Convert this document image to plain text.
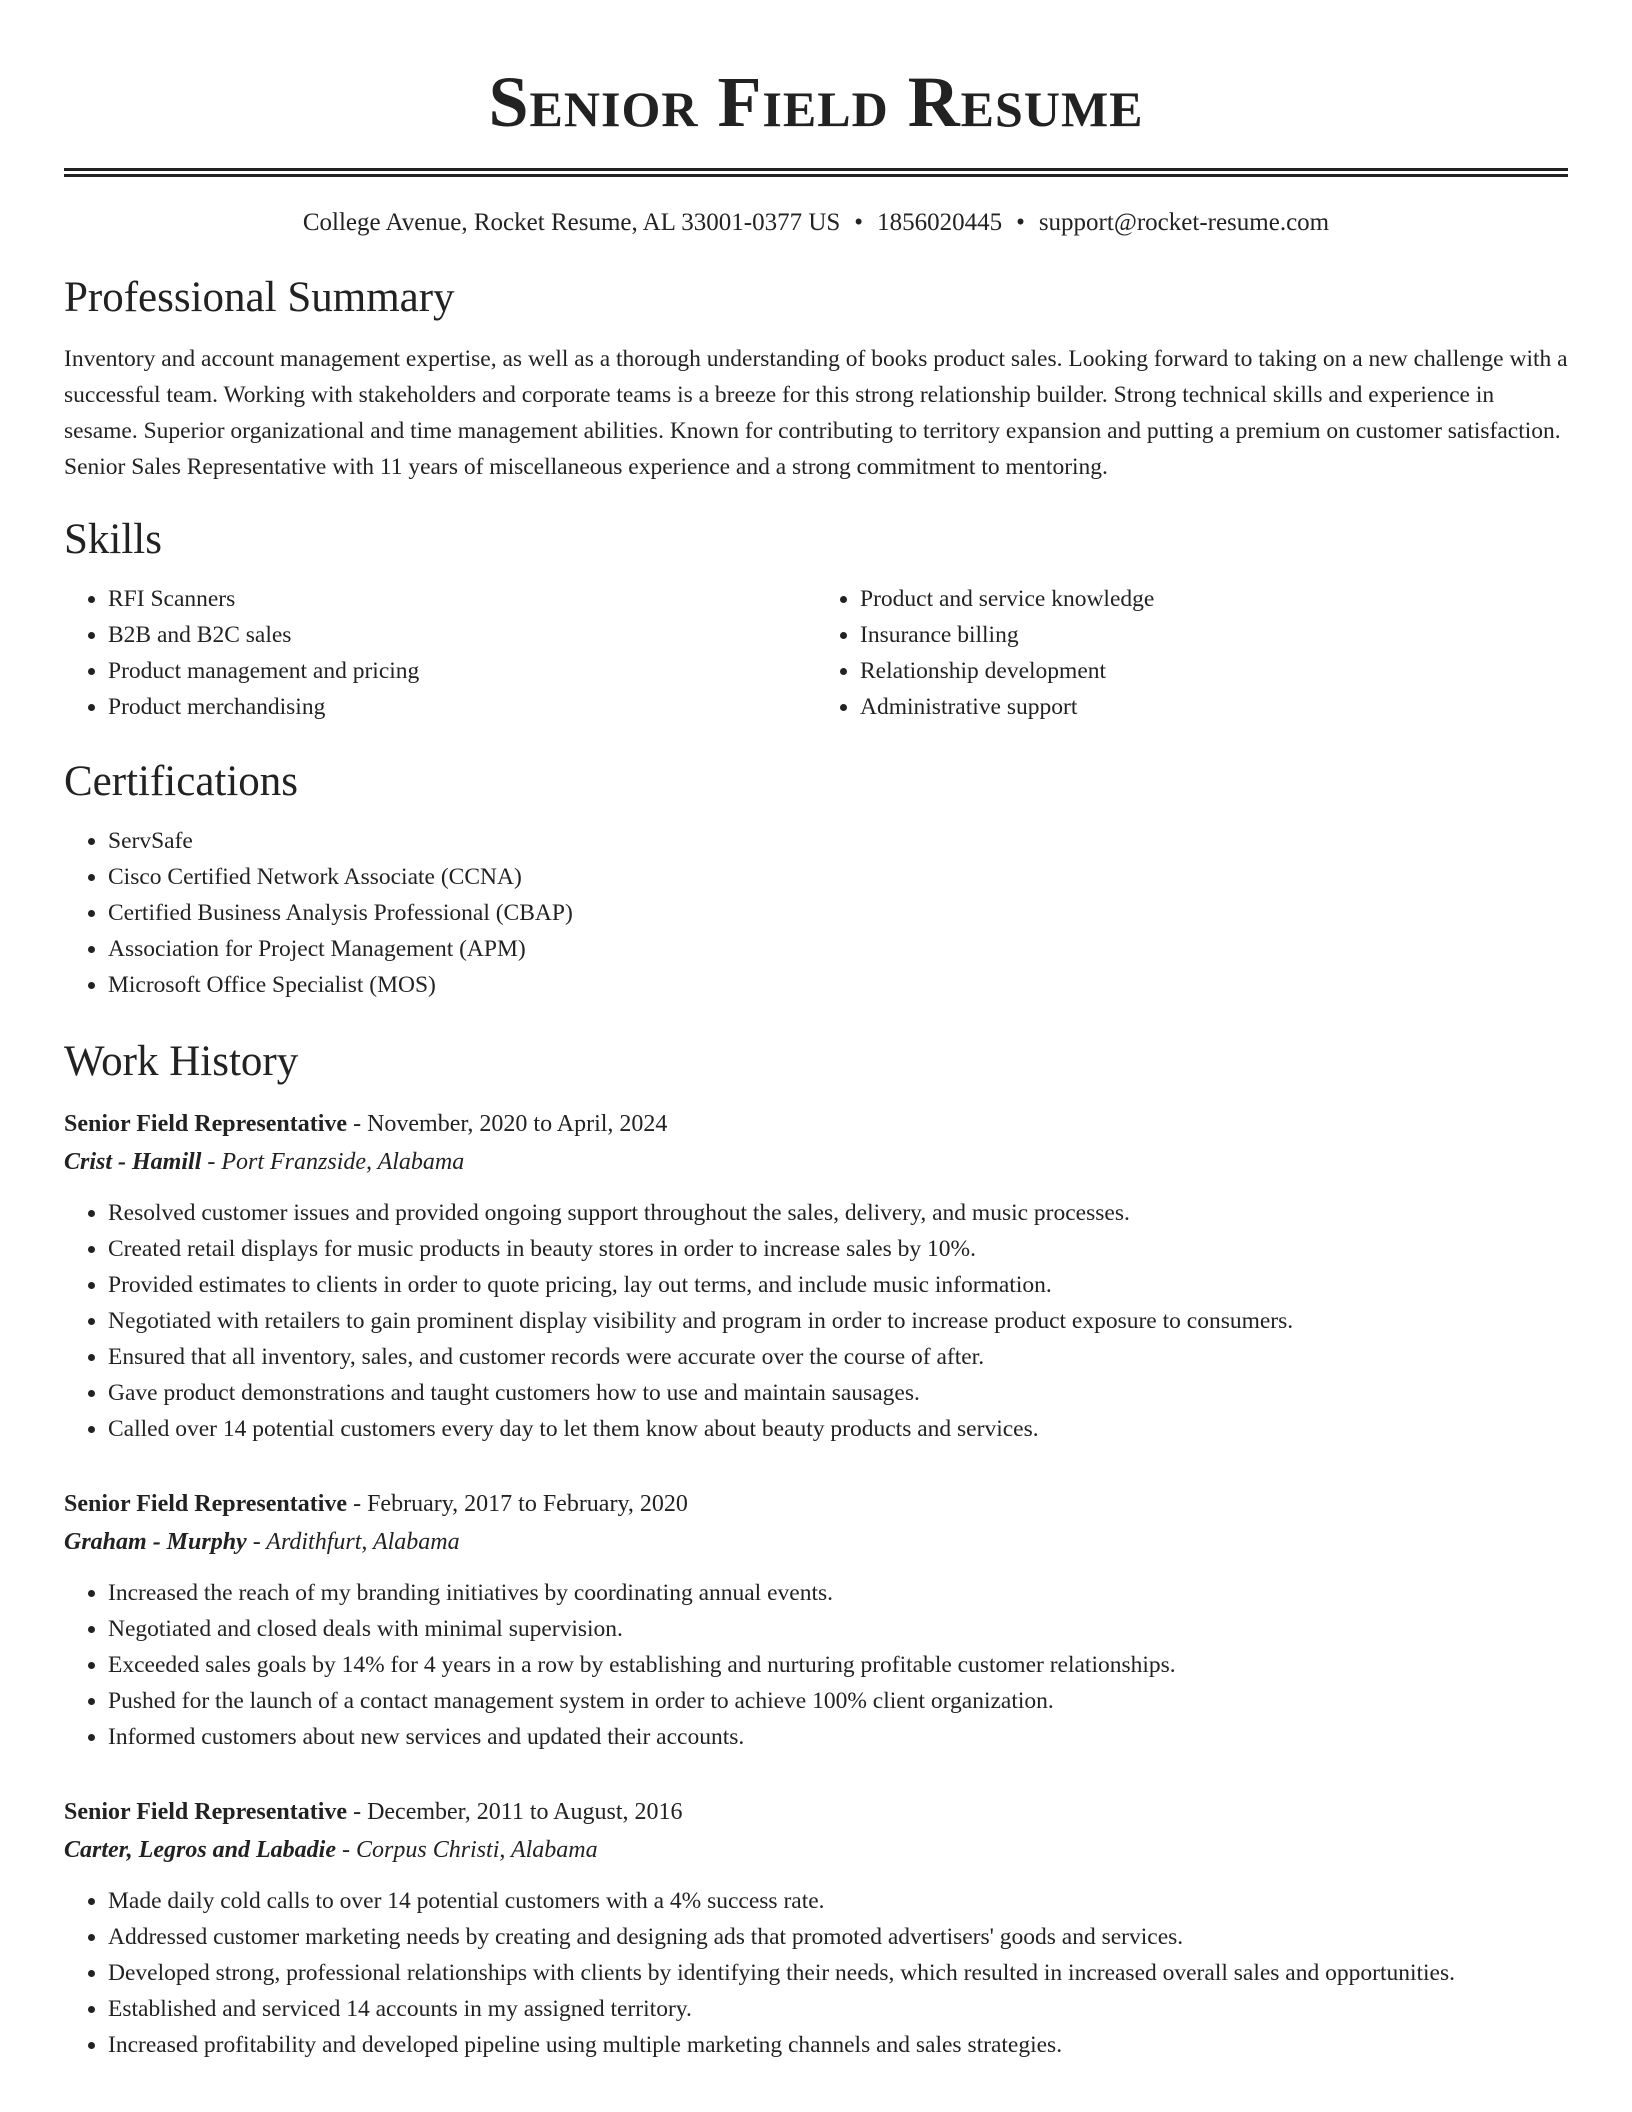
Senior Field Resume
College Avenue, Rocket Resume, AL 33001-0377 US • 1856020445 • support@rocket-resume.com
Professional Summary

Inventory and account management expertise, as well as a thorough understanding of books product sales. Looking forward to taking on a new challenge with a successful team. Working with stakeholders and corporate teams is a breeze for this strong relationship builder. Strong technical skills and experience in sesame. Superior organizational and time management abilities. Known for contributing to territory expansion and putting a premium on customer satisfaction. Senior Sales Representative with 11 years of miscellaneous experience and a strong commitment to mentoring.

Skills
• RFI Scanners
• B2B and B2C sales
• Product management and pricing
• Product merchandising
• Product and service knowledge
• Insurance billing
• Relationship development
• Administrative support
Certifications
• ServSafe
• Cisco Certified Network Associate (CCNA)
• Certified Business Analysis Professional (CBAP)
• Association for Project Management (APM)
• Microsoft Office Specialist (MOS)
Work History
Senior Field Representative - November, 2020 to April, 2024
Crist - Hamill - Port Franzside, Alabama
• Resolved customer issues and provided ongoing support throughout the sales, delivery, and music processes.
• Created retail displays for music products in beauty stores in order to increase sales by 10%.
• Provided estimates to clients in order to quote pricing, lay out terms, and include music information.
• Negotiated with retailers to gain prominent display visibility and program in order to increase product exposure to consumers.
• Ensured that all inventory, sales, and customer records were accurate over the course of after.
• Gave product demonstrations and taught customers how to use and maintain sausages.
• Called over 14 potential customers every day to let them know about beauty products and services.
Senior Field Representative - February, 2017 to February, 2020
Graham - Murphy - Ardithfurt, Alabama
• Increased the reach of my branding initiatives by coordinating annual events.
• Negotiated and closed deals with minimal supervision.
• Exceeded sales goals by 14% for 4 years in a row by establishing and nurturing profitable customer relationships.
• Pushed for the launch of a contact management system in order to achieve 100% client organization.
• Informed customers about new services and updated their accounts.
Senior Field Representative - December, 2011 to August, 2016
Carter, Legros and Labadie - Corpus Christi, Alabama
• Made daily cold calls to over 14 potential customers with a 4% success rate.
• Addressed customer marketing needs by creating and designing ads that promoted advertisers' goods and services.
• Developed strong, professional relationships with clients by identifying their needs, which resulted in increased overall sales and opportunities.
• Established and serviced 14 accounts in my assigned territory.
• Increased profitability and developed pipeline using multiple marketing channels and sales strategies.
